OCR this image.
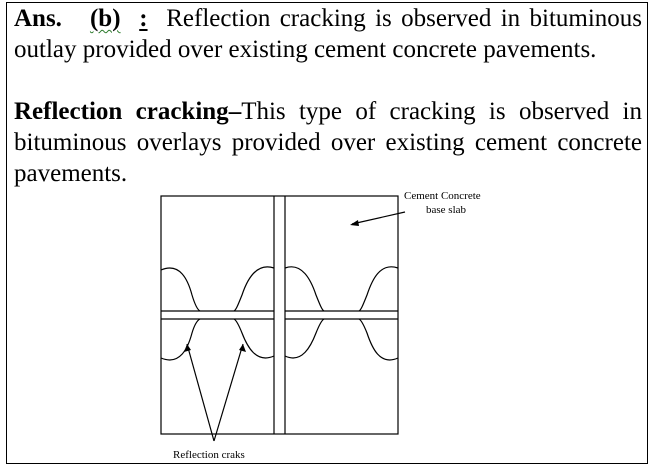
Ans. (b) : Reflection cracking is observed in bituminous outlay provided over existing cement concrete pavements.

Reflection cracking–This type of cracking is observed in bituminous overlays provided over existing cement concrete pavements.

Cement Concrete
base slab
Reflection craks
